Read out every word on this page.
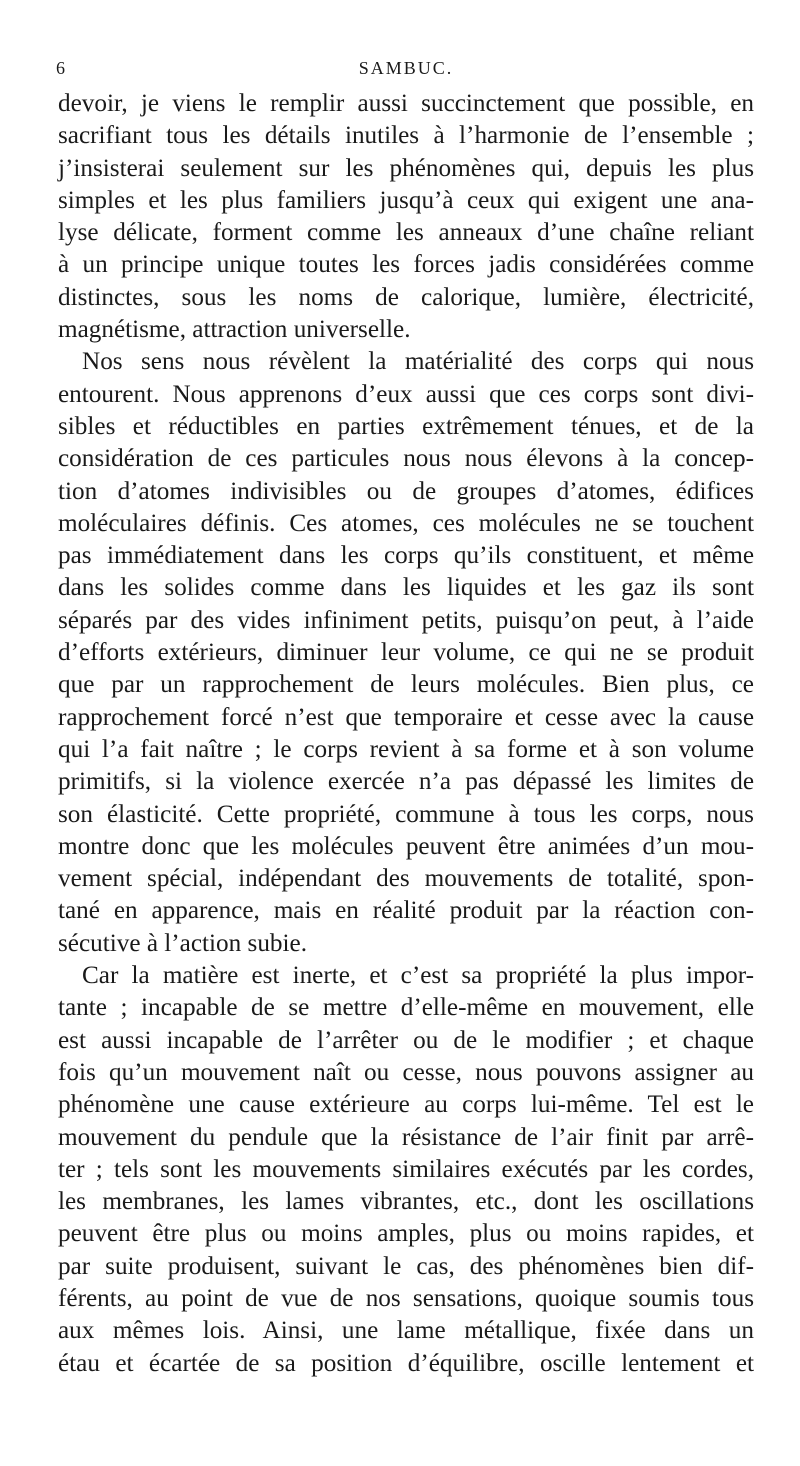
6	SAMBUC.
devoir, je viens le remplir aussi succinctement que possible, en
sacrifiant tous les détails inutiles à l’harmonie de l’ensemble ;
j’insisterai seulement sur les phénomènes qui, depuis les plus
simples et les plus familiers jusqu’à ceux qui exigent une ana-
lyse délicate, forment comme les anneaux d’une chaîne reliant
à un principe unique toutes les forces jadis considérées comme
distinctes, sous les noms de calorique, lumière, électricité,
magnétisme, attraction universelle.
Nos sens nous révèlent la matérialité des corps qui nous
entourent. Nous apprenons d’eux aussi que ces corps sont divi-
sibles et réductibles en parties extrêmement ténues, et de la
considération de ces particules nous nous élevons à la concep-
tion d’atomes indivisibles ou de groupes d’atomes, édifices
moléculaires définis. Ces atomes, ces molécules ne se touchent
pas immédiatement dans les corps qu’ils constituent, et même
dans les solides comme dans les liquides et les gaz ils sont
séparés par des vides infiniment petits, puisqu’on peut, à l’aide
d’efforts extérieurs, diminuer leur volume, ce qui ne se produit
que par un rapprochement de leurs molécules. Bien plus, ce
rapprochement forcé n’est que temporaire et cesse avec la cause
qui l’a fait naître ; le corps revient à sa forme et à son volume
primitifs, si la violence exercée n’a pas dépassé les limites de
son élasticité. Cette propriété, commune à tous les corps, nous
montre donc que les molécules peuvent être animées d’un mou-
vement spécial, indépendant des mouvements de totalité, spon-
tané en apparence, mais en réalité produit par la réaction con-
sécutive à l’action subie.
Car la matière est inerte, et c’est sa propriété la plus impor-
tante ; incapable de se mettre d’elle-même en mouvement, elle
est aussi incapable de l’arrêter ou de le modifier ; et chaque
fois qu’un mouvement naît ou cesse, nous pouvons assigner au
phénomène une cause extérieure au corps lui-même. Tel est le
mouvement du pendule que la résistance de l’air finit par arrê-
ter ; tels sont les mouvements similaires exécutés par les cordes,
les membranes, les lames vibrantes, etc., dont les oscillations
peuvent être plus ou moins amples, plus ou moins rapides, et
par suite produisent, suivant le cas, des phénomènes bien dif-
férents, au point de vue de nos sensations, quoique soumis tous
aux mêmes lois. Ainsi, une lame métallique, fixée dans un
étau et écartée de sa position d’équilibre, oscille lentement et
